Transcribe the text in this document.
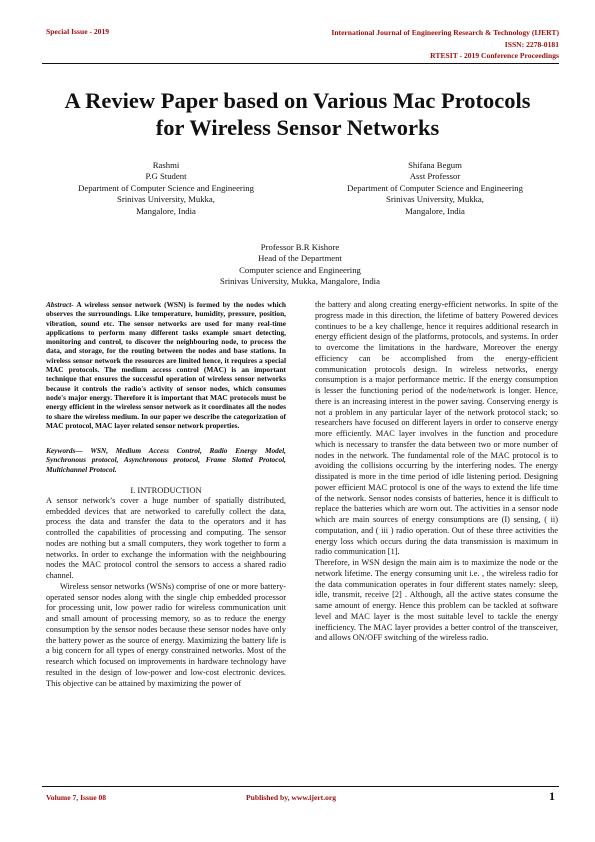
Special Issue - 2019	International Journal of Engineering Research & Technology (IJERT)
ISSN: 2278-0181
RTESIT - 2019 Conference Proceedings
A Review Paper based on Various Mac Protocols
for Wireless Sensor Networks
Rashmi
P.G Student
Department of Computer Science and Engineering
Srinivas University, Mukka,
Mangalore, India
Shifana Begum
Asst Professor
Department of Computer Science and Engineering
Srinivas University, Mukka,
Mangalore, India
Professor B.R Kishore
Head of the Department
Computer science and Engineering
Srinivas University, Mukka, Mangalore, India

Abstract- A wireless sensor network (WSN) is formed by the nodes which observes the surroundings. Like temperature, humidity, pressure, position, vibration, sound etc. The sensor networks are used for many real-time applications to perform many different tasks example smart detecting, monitoring and control, to discover the neighbouring node, to process the data, and storage, for the routing between the nodes and base stations. In wireless sensor network the resources are limited hence, it requires a special MAC protocols. The medium access control (MAC) is an important technique that ensures the successful operation of wireless sensor networks because it controls the radio's activity of sensor nodes, which consumes node's major energy. Therefore it is important that MAC protocols must be energy efficient in the wireless sensor network as it coordinates all the nodes to share the wireless medium. In our paper we describe the categorization of MAC protocol, MAC layer related sensor network properties.

Keywords— WSN, Medium Access Control, Radio Energy Model, Synchronous protocol, Asynchronous protocol, Frame Slotted Protocol, Multichannel Protocol.

I. INTRODUCTION

A sensor network’s cover a huge number of spatially distributed, embedded devices that are networked to carefully collect the data, process the data and transfer the data to the operators and it has controlled the capabilities of processing and computing. The sensor nodes are nothing but a small computers, they work together to form a networks. In order to exchange the information with the neighbouring nodes the MAC protocol control the sensors to access a shared radio channel.

Wireless sensor networks (WSNs) comprise of one or more battery-operated sensor nodes along with the single chip embedded processor for processing unit, low power radio for wireless communication unit and small amount of processing memory, so as to reduce the energy consumption by the sensor nodes because these sensor nodes have only the battery power as the source of energy. Maximizing the battery life is a big concern for all types of energy constrained networks. Most of the research which focused on improvements in hardware technology have resulted in the design of low-power and low-cost electronic devices. This objective can be attained by maximizing the power of

the battery and along creating energy-efficient networks. In spite of the progress made in this direction, the lifetime of battery Powered devices continues to be a key challenge, hence it requires additional research in energy efficient design of the platforms, protocols, and systems. In order to overcome the limitations in the hardware, Moreover the energy efficiency can be accomplished from the energy-efficient communication protocols design. In wireless networks, energy consumption is a major performance metric. If the energy consumption is lesser the functioning period of the node/network is longer. Hence, there is an increasing interest in the power saving. Conserving energy is not a problem in any particular layer of the network protocol stack; so researchers have focused on different layers in order to conserve energy more efficiently. MAC layer involves in the function and procedure which is necessary to transfer the data between two or more number of nodes in the network. The fundamental role of the MAC protocol is to avoiding the collisions occurring by the interfering nodes. The energy dissipated is more in the time period of idle listening period. Designing power efficient MAC protocol is one of the ways to extend the life time of the network. Sensor nodes consists of batteries, hence it is difficult to replace the batteries which are worn out. The activities in a sensor node which are main sources of energy consumptions are (I) sensing, ( ii) computation, and ( iii ) radio operation. Out of these three activities the energy loss which occurs during the data transmission is maximum in radio communication [1].

Therefore, in WSN design the main aim is to maximize the node or the network lifetime. The energy consuming unit i.e. , the wireless radio for the data communication operates in four different states namely: sleep, idle, transmit, receive [2] . Although, all the active states consume the same amount of energy. Hence this problem can be tackled at software level and MAC layer is the most suitable level to tackle the energy inefficiency. The MAC layer provides a better control of the transceiver, and allows ON/OFF switching of the wireless radio.

Volume 7, Issue 08	Published by, www.ijert.org	1
